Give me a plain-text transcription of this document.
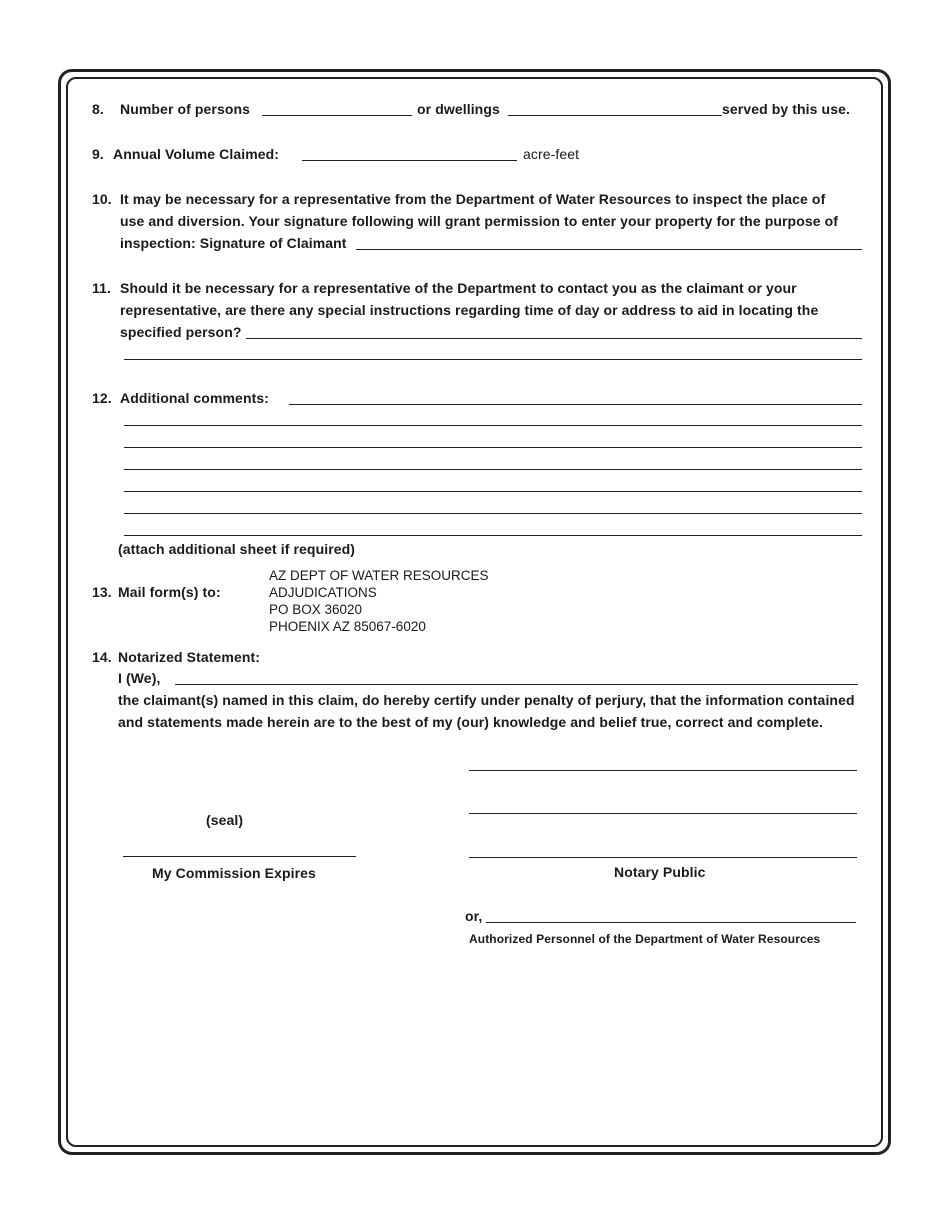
8. Number of persons	or dwellings	served by this use.
9. Annual Volume Claimed:	acre-feet
10. It may be necessary for a representative from the Department of Water Resources to inspect the place of
use and diversion. Your signature following will grant permission to enter your property for the purpose of
inspection: Signature of Claimant
11. Should it be necessary for a representative of the Department to contact you as the claimant or your
representative, are there any special instructions regarding time of day or address to aid in locating the
specified person?
12. Additional comments:
(attach additional sheet if required)
13. Mail form(s) to:
AZ DEPT OF WATER RESOURCES
ADJUDICATIONS
PO BOX 36020
PHOENIX AZ 85067-6020
14. Notarized Statement:
I (We),
the claimant(s) named in this claim, do hereby certify under penalty of perjury, that the information contained
and statements made herein are to the best of my (our) knowledge and belief true, correct and complete.
(seal)
My Commission Expires	Notary Public
or,
Authorized Personnel of the Department of Water Resources
